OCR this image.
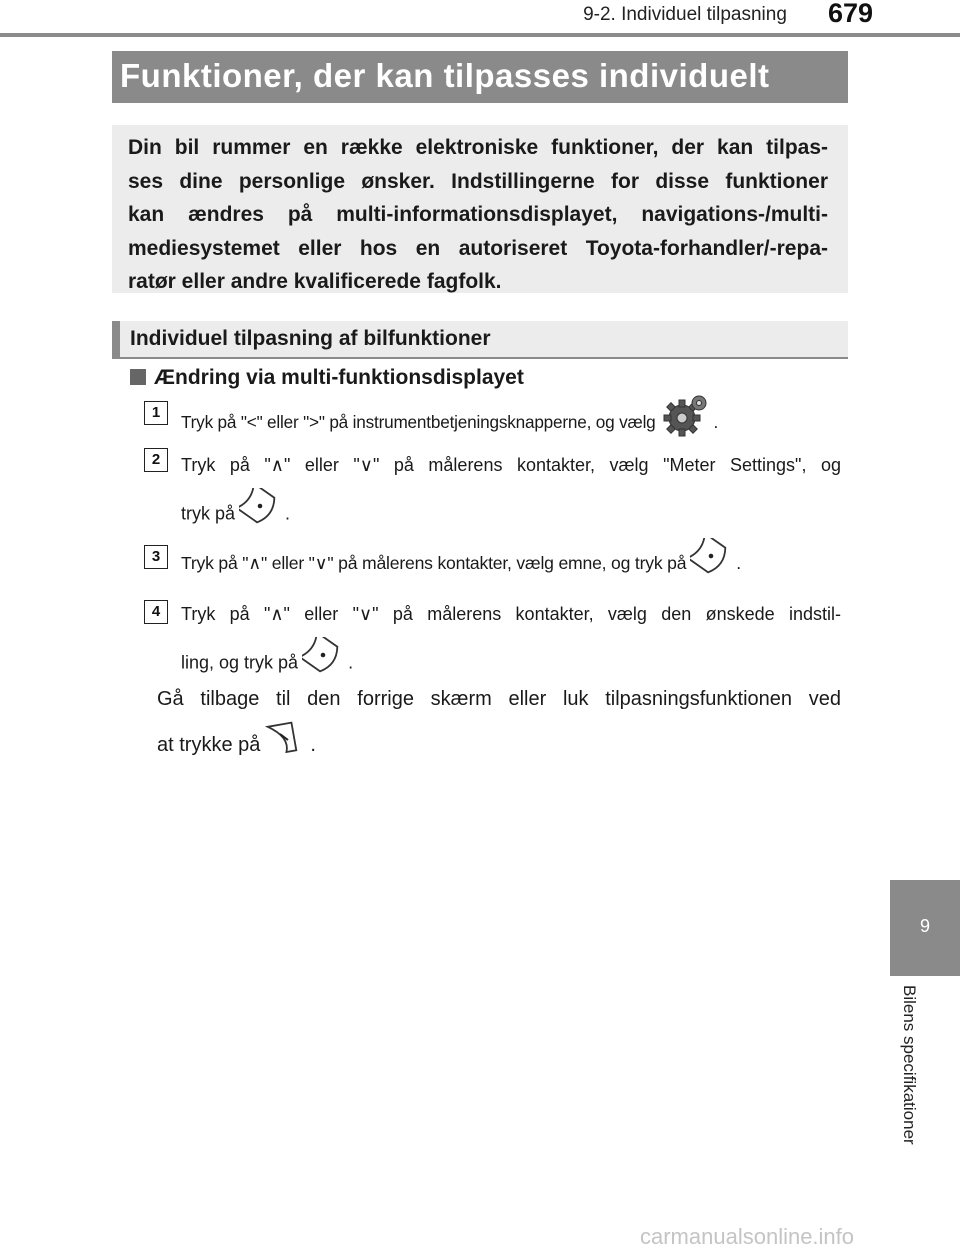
9-2. Individuel tilpasning	679
Funktioner, der kan tilpasses individuelt
Din bil rummer en række elektroniske funktioner, der kan tilpas-
ses dine personlige ønsker. Indstillingerne for disse funktioner
kan ændres på multi-informationsdisplayet, navigations-/multi-
mediesystemet eller hos en autoriseret Toyota-forhandler/-repa-
ratør eller andre kvalificerede fagfolk.
Individuel tilpasning af bilfunktioner
Ændring via multi-funktionsdisplayet
1	Tryk på "<" eller ">" på instrumentbetjeningsknapperne, og vælg	.
2	Tryk på "∧" eller "∨" på målerens kontakter, vælg "Meter Settings", og
tryk på	.
3	Tryk på "∧" eller "∨" på målerens kontakter, vælg emne, og tryk på	.
4	Tryk på "∧" eller "∨" på målerens kontakter, vælg den ønskede indstil-
ling, og tryk på	.
Gå tilbage til den forrige skærm eller luk tilpasningsfunktionen ved
at trykke på	.
9
Bilens specifikationer
carmanualsonline.info
